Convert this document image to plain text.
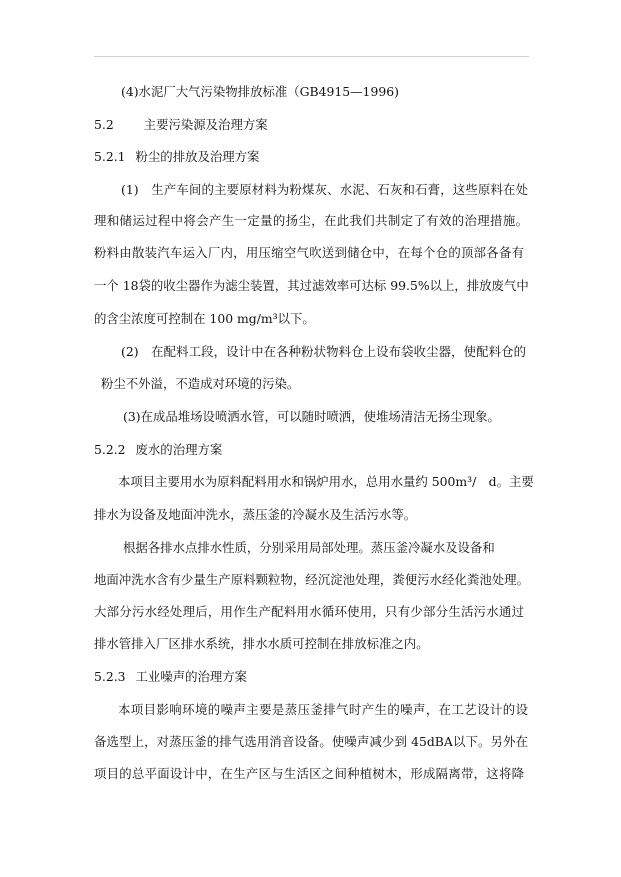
(4)水泥厂大气污染物排放标准（GB4915—1996)
5.2 主要污染源及治理方案
5.2.1 粉尘的排放及治理方案
(1)　生产车间的主要原材料为粉煤灰、水泥、石灰和石膏，这些原料在处
理和储运过程中将会产生一定量的扬尘，在此我们共制定了有效的治理措施。
粉料由散装汽车运入厂内，用压缩空气吹送到储仓中，在每个仓的顶部各备有
一个 18袋的收尘器作为滤尘装置，其过滤效率可达标 99.5%以上，排放废气中
的含尘浓度可控制在 100 mg/m³以下。
(2)　在配料工段，设计中在各种粉状物料仓上设布袋收尘器，使配料仓的
粉尘不外溢，不造成对环境的污染。
(3)在成品堆场设喷洒水管，可以随时喷洒，使堆场清洁无扬尘现象。
5.2.2 废水的治理方案
本项目主要用水为原料配料用水和锅炉用水，总用水量约 500m³/　d。主要
排水为设备及地面冲洗水，蒸压釜的冷凝水及生活污水等。
根据各排水点排水性质，分别采用局部处理。蒸压釜冷凝水及设备和
地面冲洗水含有少量生产原料颗粒物，经沉淀池处理，粪便污水经化粪池处理。
大部分污水经处理后，用作生产配料用水循环使用，只有少部分生活污水通过
排水管排入厂区排水系统，排水水质可控制在排放标准之内。
5.2.3 工业噪声的治理方案
本项目影响环境的噪声主要是蒸压釜排气时产生的噪声，在工艺设计的设
备选型上，对蒸压釜的排气选用消音设备。使噪声减少到 45dBA以下。另外在
项目的总平面设计中，在生产区与生活区之间种植树木，形成隔离带，这将降
